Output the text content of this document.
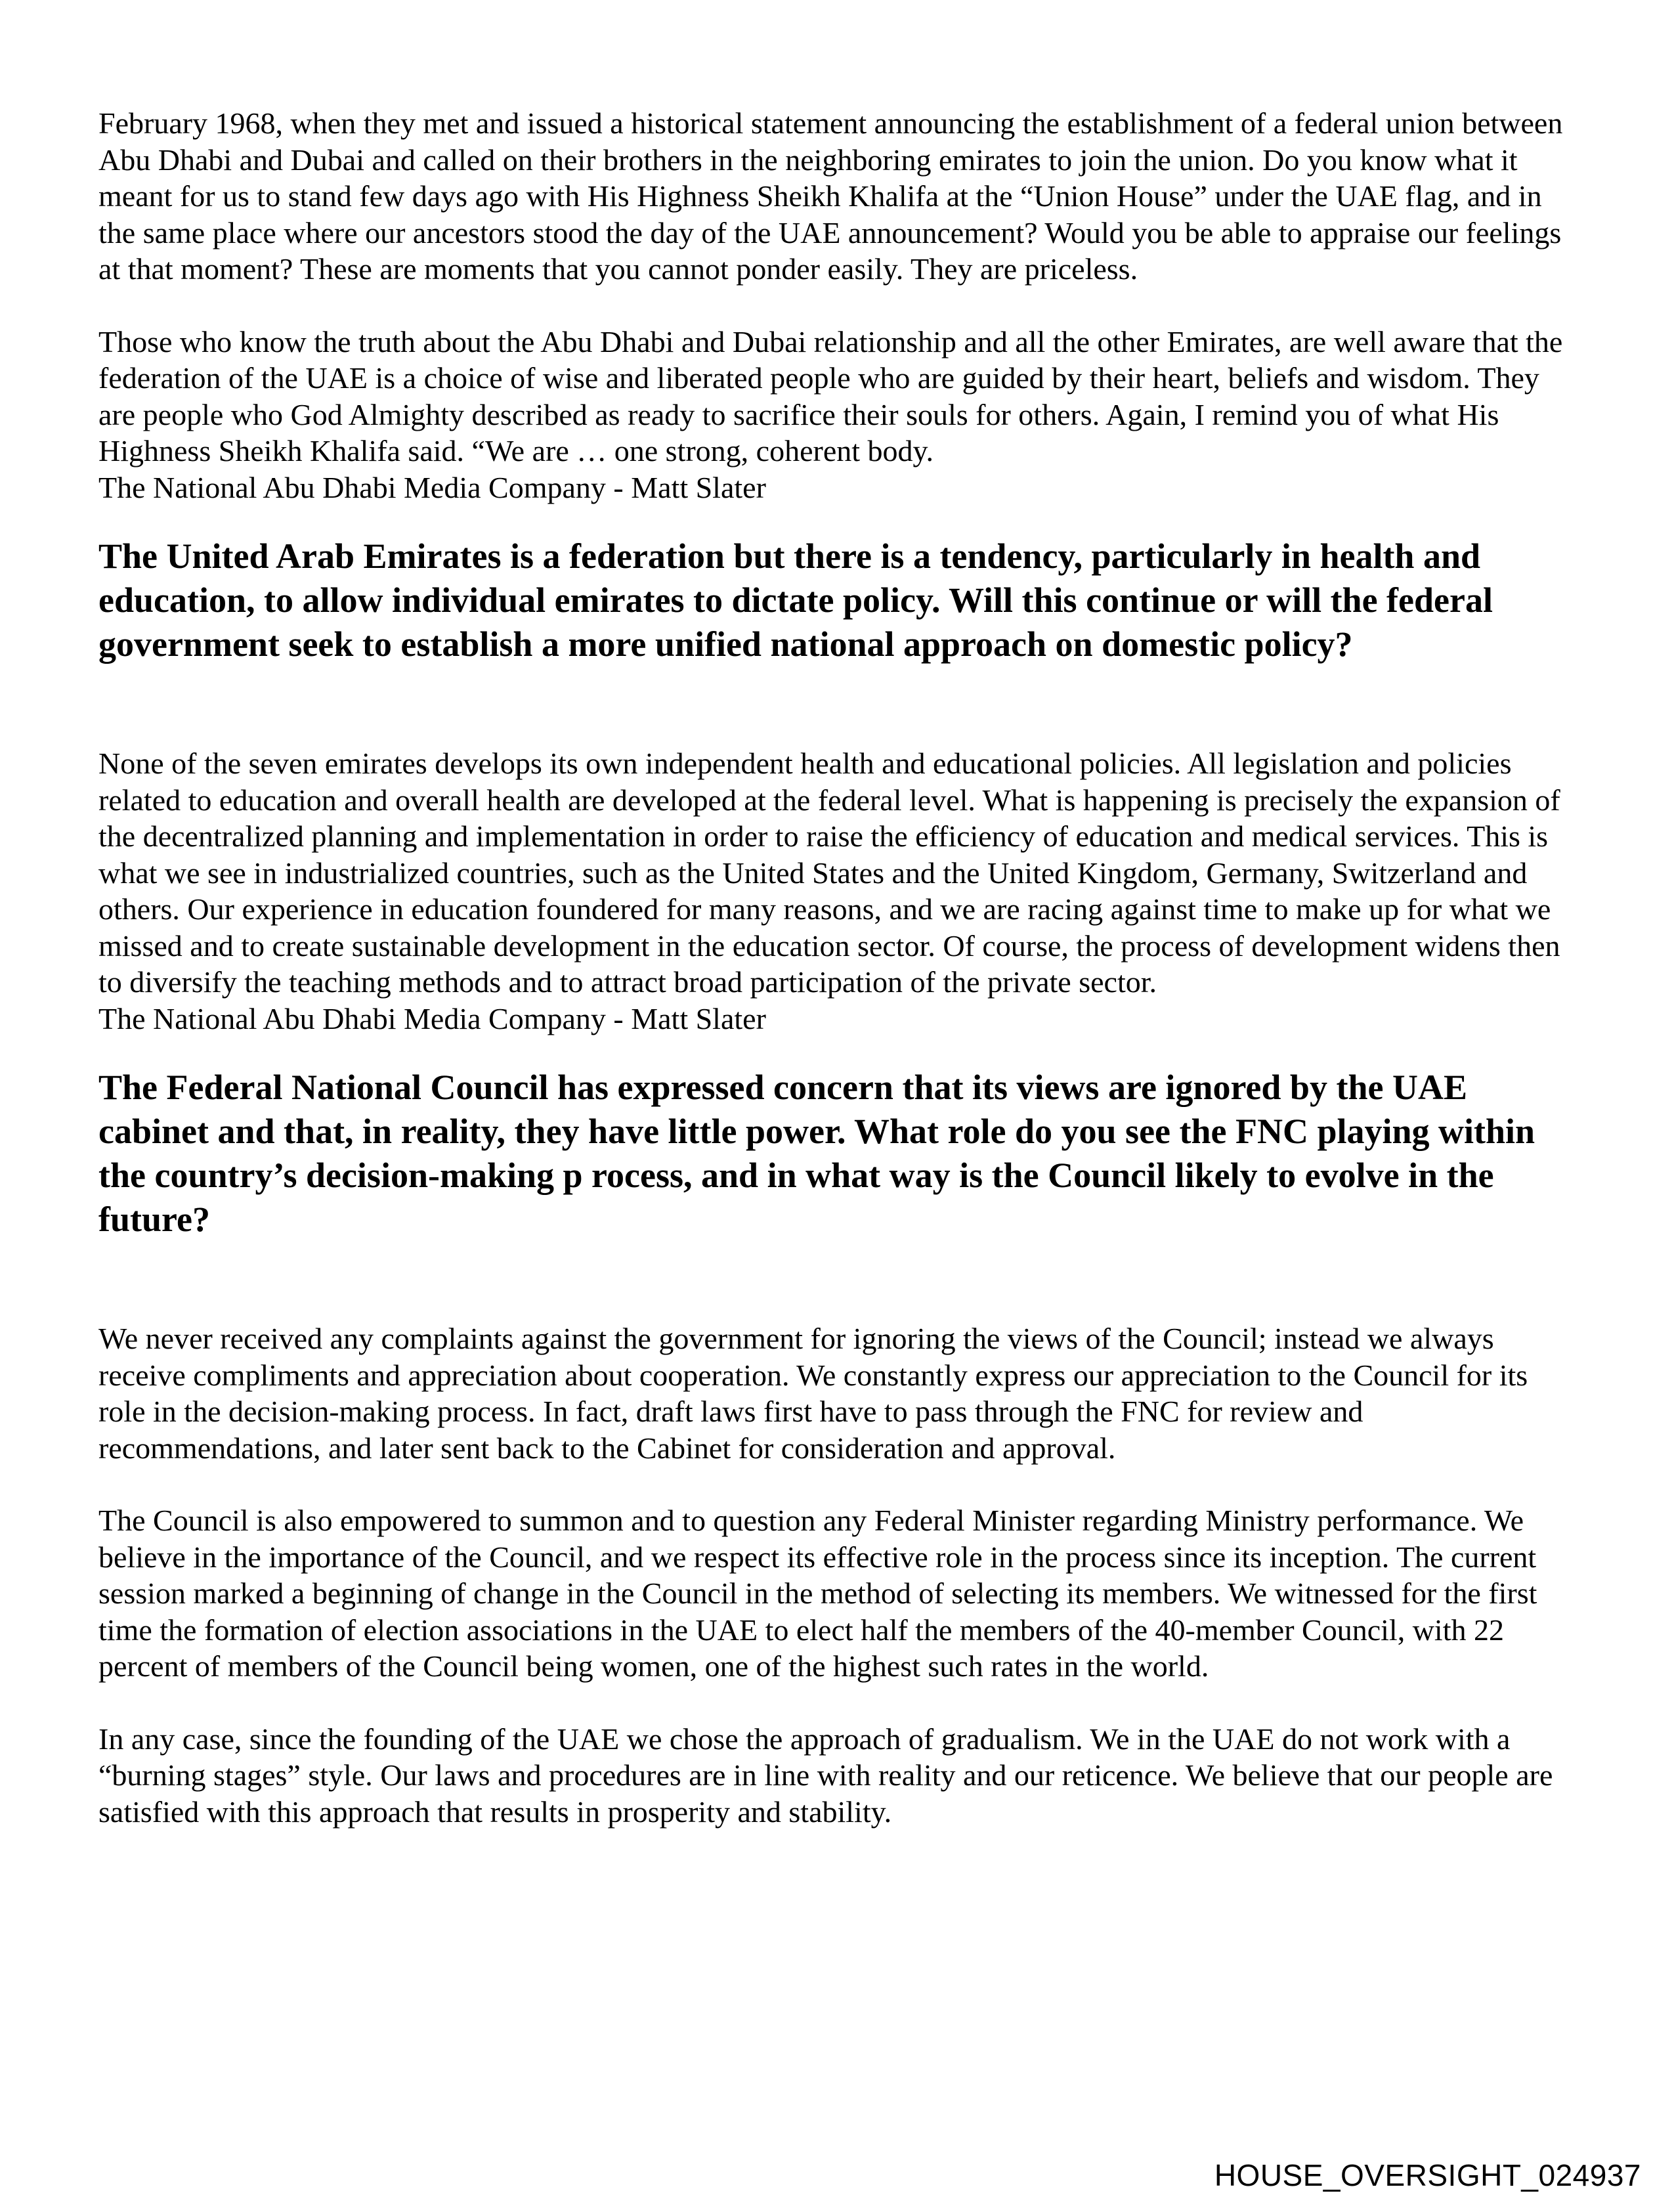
February 1968, when they met and issued a historical statement announcing the establishment of a federal union between Abu Dhabi and Dubai and called on their brothers in the neighboring emirates to join the union. Do you know what it meant for us to stand few days ago with His Highness Sheikh Khalifa at the “Union House” under the UAE flag, and in the same place where our ancestors stood the day of the UAE announcement? Would you be able to appraise our feelings at that moment? These are moments that you cannot ponder easily. They are priceless.

Those who know the truth about the Abu Dhabi and Dubai relationship and all the other Emirates, are well aware that the federation of the UAE is a choice of wise and liberated people who are guided by their heart, beliefs and wisdom. They are people who God Almighty described as ready to sacrifice their souls for others. Again, I remind you of what His Highness Sheikh Khalifa said. “We are … one strong, coherent body.

The National Abu Dhabi Media Company - Matt Slater

The United Arab Emirates is a federation but there is a tendency, particularly in health and education, to allow individual emirates to dictate policy. Will this continue or will the federal government seek to establish a more unified national approach on domestic policy?

None of the seven emirates develops its own independent health and educational policies. All legislation and policies related to education and overall health are developed at the federal level. What is happening is precisely the expansion of the decentralized planning and implementation in order to raise the efficiency of education and medical services. This is what we see in industrialized countries, such as the United States and the United Kingdom, Germany, Switzerland and others. Our experience in education foundered for many reasons, and we are racing against time to make up for what we missed and to create sustainable development in the education sector. Of course, the process of development widens then to diversify the teaching methods and to attract broad participation of the private sector.

The National Abu Dhabi Media Company - Matt Slater

The Federal National Council has expressed concern that its views are ignored by the UAE cabinet and that, in reality, they have little power. What role do you see the FNC playing within the country’s decision-making p rocess, and in what way is the Council likely to evolve in the future?

We never received any complaints against the government for ignoring the views of the Council; instead we always receive compliments and appreciation about cooperation. We constantly express our appreciation to the Council for its role in the decision-making process. In fact, draft laws first have to pass through the FNC for review and recommendations, and later sent back to the Cabinet for consideration and approval.

The Council is also empowered to summon and to question any Federal Minister regarding Ministry performance. We believe in the importance of the Council, and we respect its effective role in the process since its inception. The current session marked a beginning of change in the Council in the method of selecting its members. We witnessed for the first time the formation of election associations in the UAE to elect half the members of the 40-member Council, with 22 percent of members of the Council being women, one of the highest such rates in the world.

In any case, since the founding of the UAE we chose the approach of gradualism. We in the UAE do not work with a “burning stages” style. Our laws and procedures are in line with reality and our reticence. We believe that our people are satisfied with this approach that results in prosperity and stability.

HOUSE_OVERSIGHT_024937
